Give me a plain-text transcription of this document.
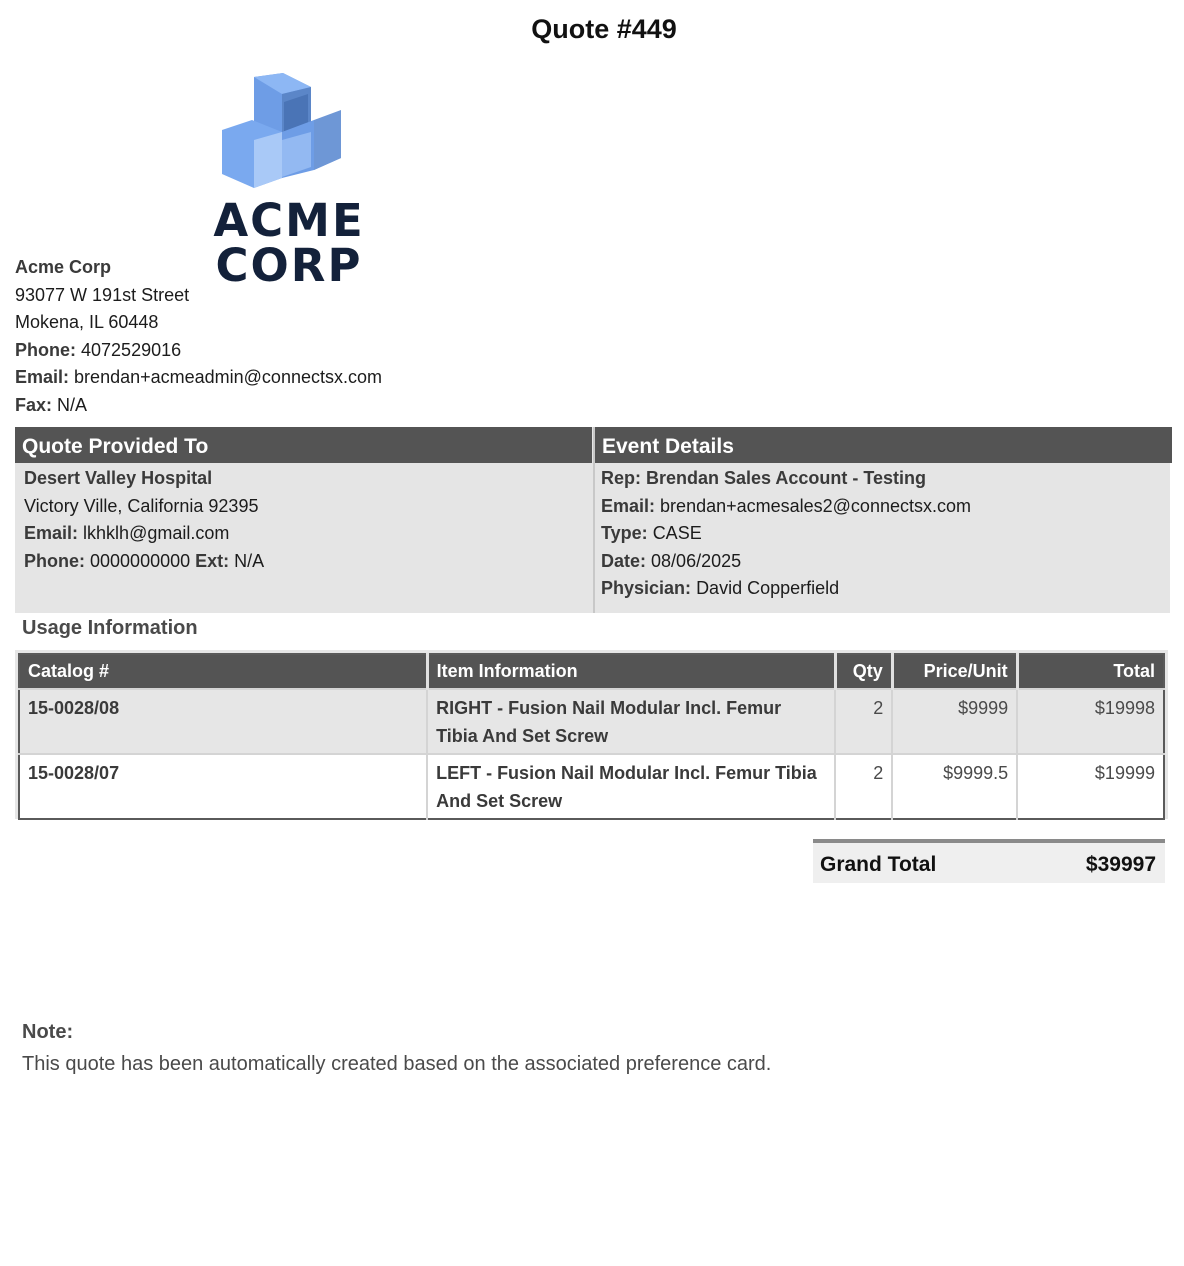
Quote #449
ACME CORP
Acme Corp
93077 W 191st Street
Mokena, IL 60448
Phone: 4072529016
Email: brendan+acmeadmin@connectsx.com
Fax: N/A
Quote Provided To
Desert Valley Hospital
Victory Ville, California 92395
Email: lkhklh@gmail.com
Phone: 0000000000 Ext: N/A
Event Details
Rep: Brendan Sales Account - Testing
Email: brendan+acmesales2@connectsx.com
Type: CASE
Date: 08/06/2025
Physician: David Copperfield
Usage Information
Catalog #	Item Information	Qty	Price/Unit	Total
15-0028/08	RIGHT - Fusion Nail Modular Incl. Femur Tibia And Set Screw	2	$9999	$19998
15-0028/07	LEFT - Fusion Nail Modular Incl. Femur Tibia And Set Screw	2	$9999.5	$19999
Grand Total	$39997
Note:
This quote has been automatically created based on the associated preference card.
